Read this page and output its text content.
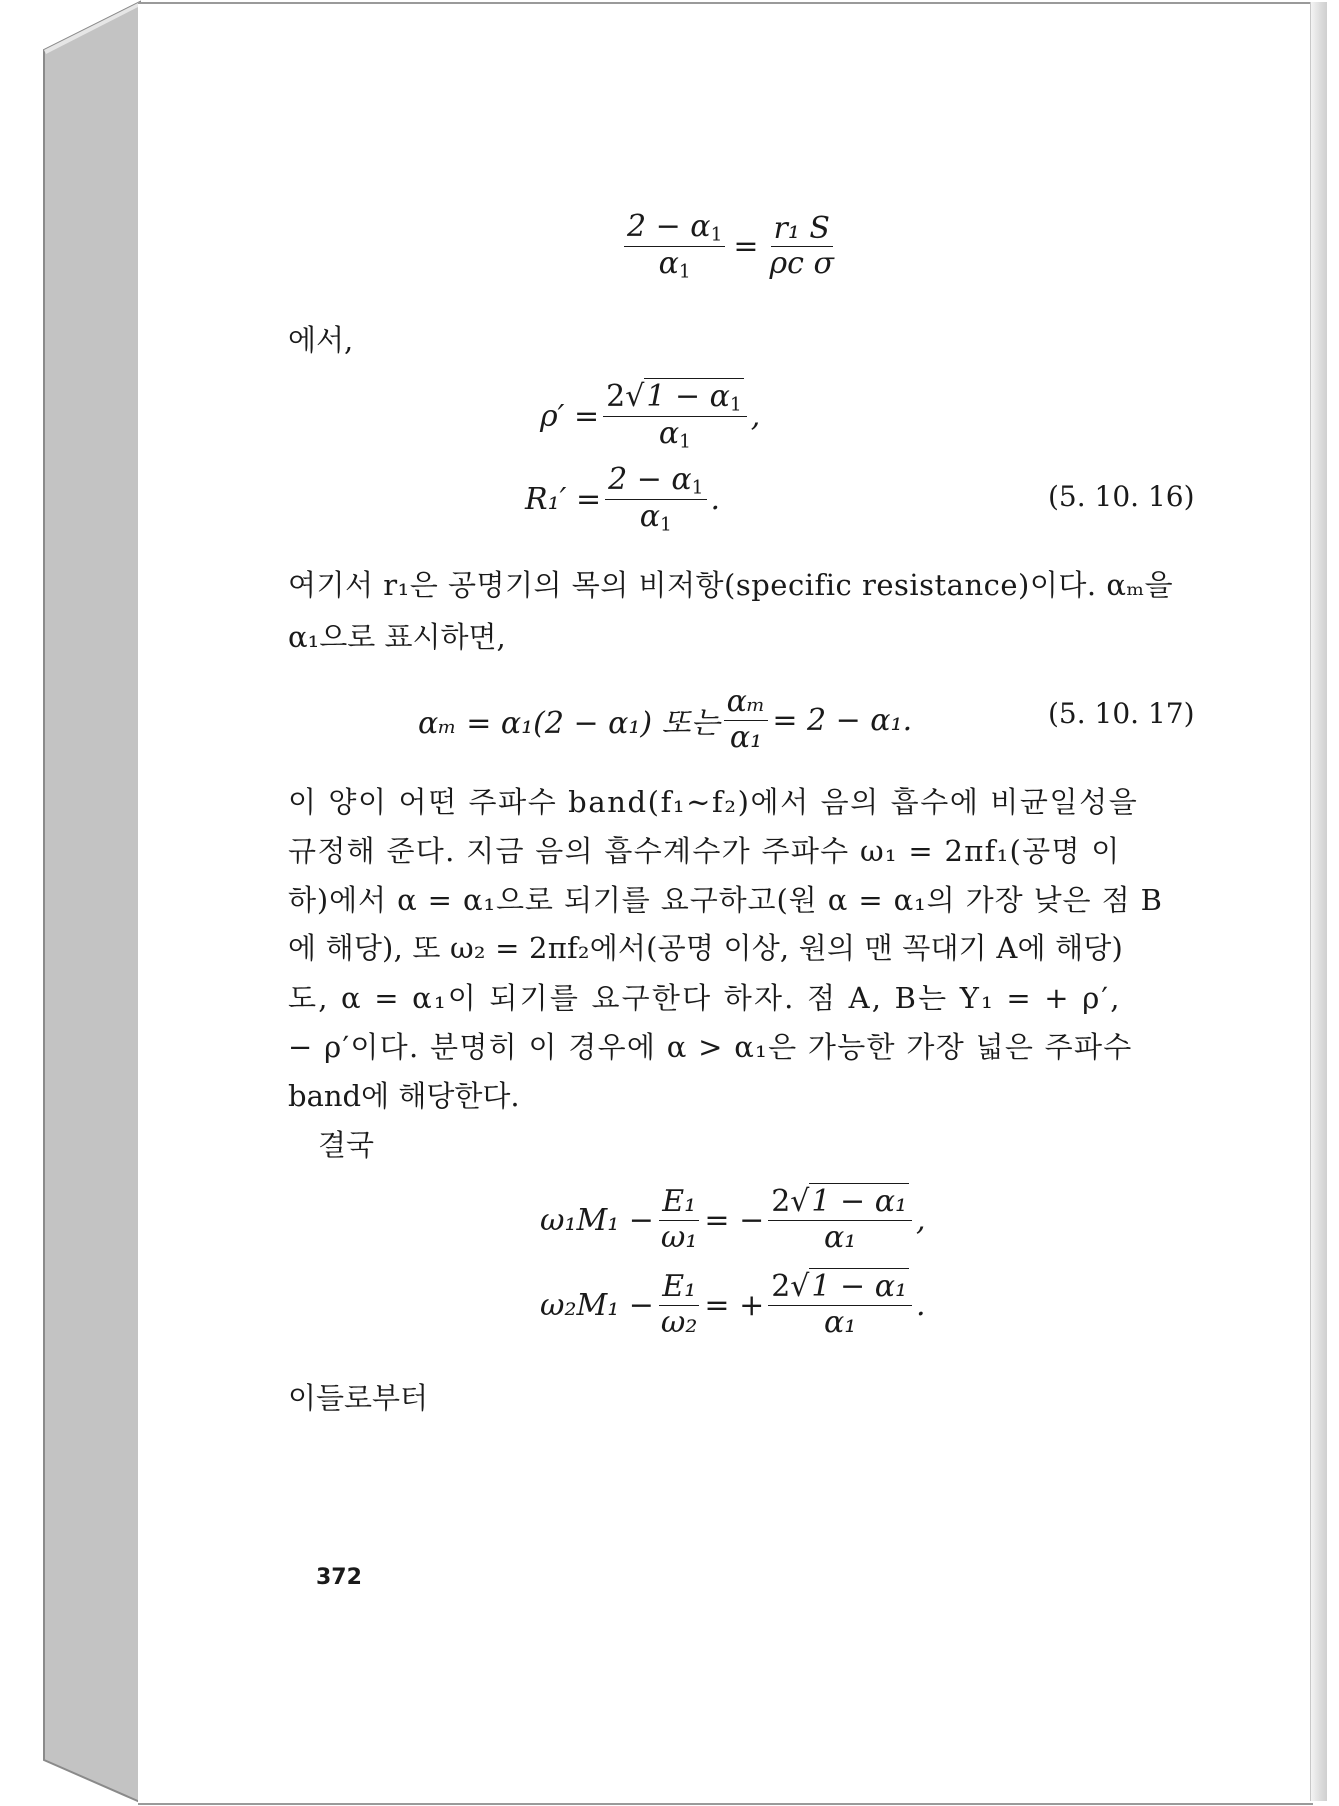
$\frac{2 - \alpha_1}{\alpha_1} = \frac{\text{r₁ S}}{\text{ρc σ}}$
에서,
$\rho' = \frac{2√1 - \alpha_1}{\alpha_1}$ ,
$R_1' = \frac{2 - \alpha_1}{\alpha_1}$ .	(5. 10. 16)
여기서 r₁은 공명기의 목의 비저항(specific resistance)이다. αₘ을
α₁으로 표시하면,
αₘ = α₁(2 − α₁) 또는 $\frac{\text{αₘ}}{\text{α₁}} = 2 - \alpha_1$.	(5. 10. 17)
이 양이 어떤 주파수 band(f₁∼f₂)에서 음의 흡수에 비균일성을
규정해 준다. 지금 음의 흡수계수가 주파수 ω₁ = 2πf₁(공명 이
하)에서 α = α₁으로 되기를 요구하고(원 α = α₁의 가장 낮은 점 B
에 해당), 또 ω₂ = 2πf₂에서(공명 이상, 원의 맨 꼭대기 A에 해당)
도, α = α₁이 되기를 요구한다 하자. 점 A, B는 Y₁ = + ρ′,
− ρ′이다. 분명히 이 경우에 α > α₁은 가능한 가장 넓은 주파수
band에 해당한다.
결국
$\omega_1M_1 - \frac{\text{E₁}}{\text{ω₁}}$ = − $\frac{\text{2√1 − α₁}}{\text{α₁}}$ ,
$\omega_2M_1 - \frac{\text{E₁}}{\text{ω₂}}$ = + $\frac{\text{2√1 − α₁}}{\text{α₁}}$ .
이들로부터
372
